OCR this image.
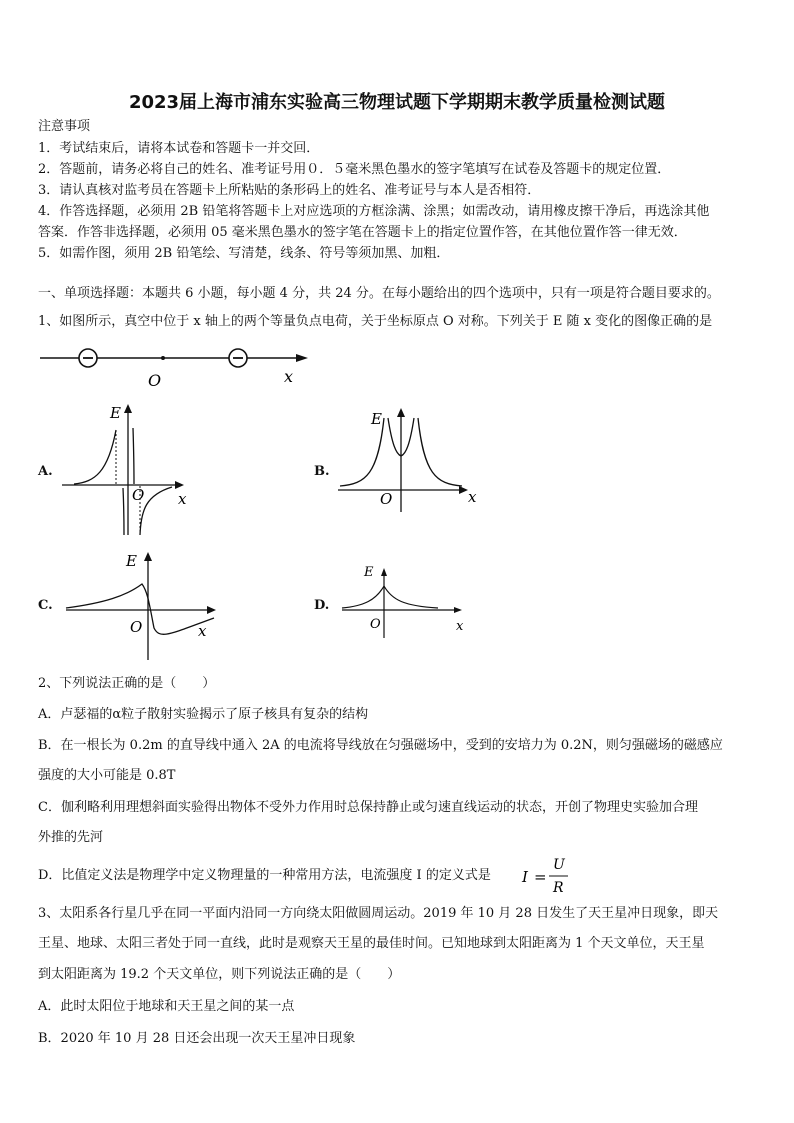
2023届上海市浦东实验高三物理试题下学期期末教学质量检测试题
注意事项
1．考试结束后，请将本试卷和答题卡一并交回．
2．答题前，请务必将自己的姓名、准考证号用０．５毫米黑色墨水的签字笔填写在试卷及答题卡的规定位置．
3．请认真核对监考员在答题卡上所粘贴的条形码上的姓名、准考证号与本人是否相符．
4．作答选择题，必须用 2B 铅笔将答题卡上对应选项的方框涂满、涂黑；如需改动，请用橡皮擦干净后，再选涂其他
答案．作答非选择题，必须用 05 毫米黑色墨水的签字笔在答题卡上的指定位置作答，在其他位置作答一律无效．
5．如需作图，须用 2B 铅笔绘、写清楚，线条、符号等须加黑、加粗．
一、单项选择题：本题共 6 小题，每小题 4 分，共 24 分。在每小题给出的四个选项中，只有一项是符合题目要求的。
1、如图所示，真空中位于 x 轴上的两个等量负点电荷，关于坐标原点 O 对称。下列关于 E 随 x 变化的图像正确的是
O	x
A.
E
O x
B.
E
O	x
C.
E
O	x
D.
E
O	x
2、下列说法正确的是（　　）
A．卢瑟福的α粒子散射实验揭示了原子核具有复杂的结构
B．在一根长为 0.2m 的直导线中通入 2A 的电流将导线放在匀强磁场中，受到的安培力为 0.2N，则匀强磁场的磁感应
强度的大小可能是 0.8T
C．伽利略利用理想斜面实验得出物体不受外力作用时总保持静止或匀速直线运动的状态，开创了物理史实验加合理
外推的先河
D．比值定义法是物理学中定义物理量的一种常用方法，电流强度 I 的定义式是 I =
U
R
3、太阳系各行星几乎在同一平面内沿同一方向绕太阳做圆周运动。2019 年 10 月 28 日发生了天王星冲日现象，即天
王星、地球、太阳三者处于同一直线，此时是观察天王星的最佳时间。已知地球到太阳距离为 1 个天文单位，天王星
到太阳距离为 19.2 个天文单位，则下列说法正确的是（　　）
A．此时太阳位于地球和天王星之间的某一点
B．2020 年 10 月 28 日还会出现一次天王星冲日现象
